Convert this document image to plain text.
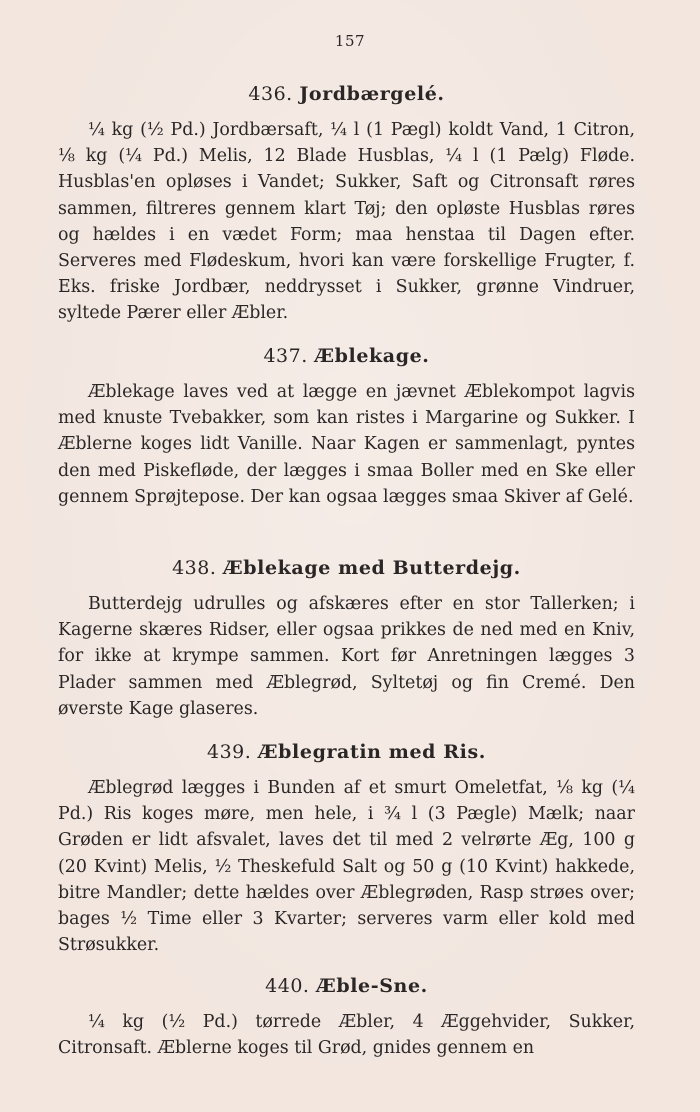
157
436. Jordbærgelé.

¼ kg (½ Pd.) Jordbærsaft, ¼ l (1 Pægl) koldt Vand, 1 Citron, ⅛ kg (¼ Pd.) Melis, 12 Blade Husblas, ¼ l (1 Pælg) Fløde. Husblas'en opløses i Vandet; Sukker, Saft og Citronsaft røres sammen, filtreres gennem klart Tøj; den opløste Husblas røres og hældes i en vædet Form; maa henstaa til Dagen efter. Serveres med Flødeskum, hvori kan være forskellige Frugter, f. Eks. friske Jordbær, neddrysset i Sukker, grønne Vindruer, syltede Pærer eller Æbler.

437. Æblekage.

Æblekage laves ved at lægge en jævnet Æblekompot lagvis med knuste Tvebakker, som kan ristes i Margarine og Sukker. I Æblerne koges lidt Vanille. Naar Kagen er sammenlagt, pyntes den med Piskefløde, der lægges i smaa Boller med en Ske eller gennem Sprøjtepose. Der kan ogsaa lægges smaa Skiver af Gelé.

438. Æblekage med Butterdejg.

Butterdejg udrulles og afskæres efter en stor Tallerken; i Kagerne skæres Ridser, eller ogsaa prikkes de ned med en Kniv, for ikke at krympe sammen. Kort før Anretningen lægges 3 Plader sammen med Æblegrød, Syltetøj og fin Cremé. Den øverste Kage glaseres.

439. Æblegratin med Ris.

Æblegrød lægges i Bunden af et smurt Omeletfat, ⅛ kg (¼ Pd.) Ris koges møre, men hele, i ¾ l (3 Pægle) Mælk; naar Grøden er lidt afsvalet, laves det til med 2 velrørte Æg, 100 g (20 Kvint) Melis, ½ Theskefuld Salt og 50 g (10 Kvint) hakkede, bitre Mandler; dette hældes over Æblegrøden, Rasp strøes over; bages ½ Time eller 3 Kvarter; serveres varm eller kold med Strøsukker.

440. Æble-Sne.

¼ kg (½ Pd.) tørrede Æbler, 4 Æggehvider, Sukker, Citronsaft. Æblerne koges til Grød, gnides gennem en
